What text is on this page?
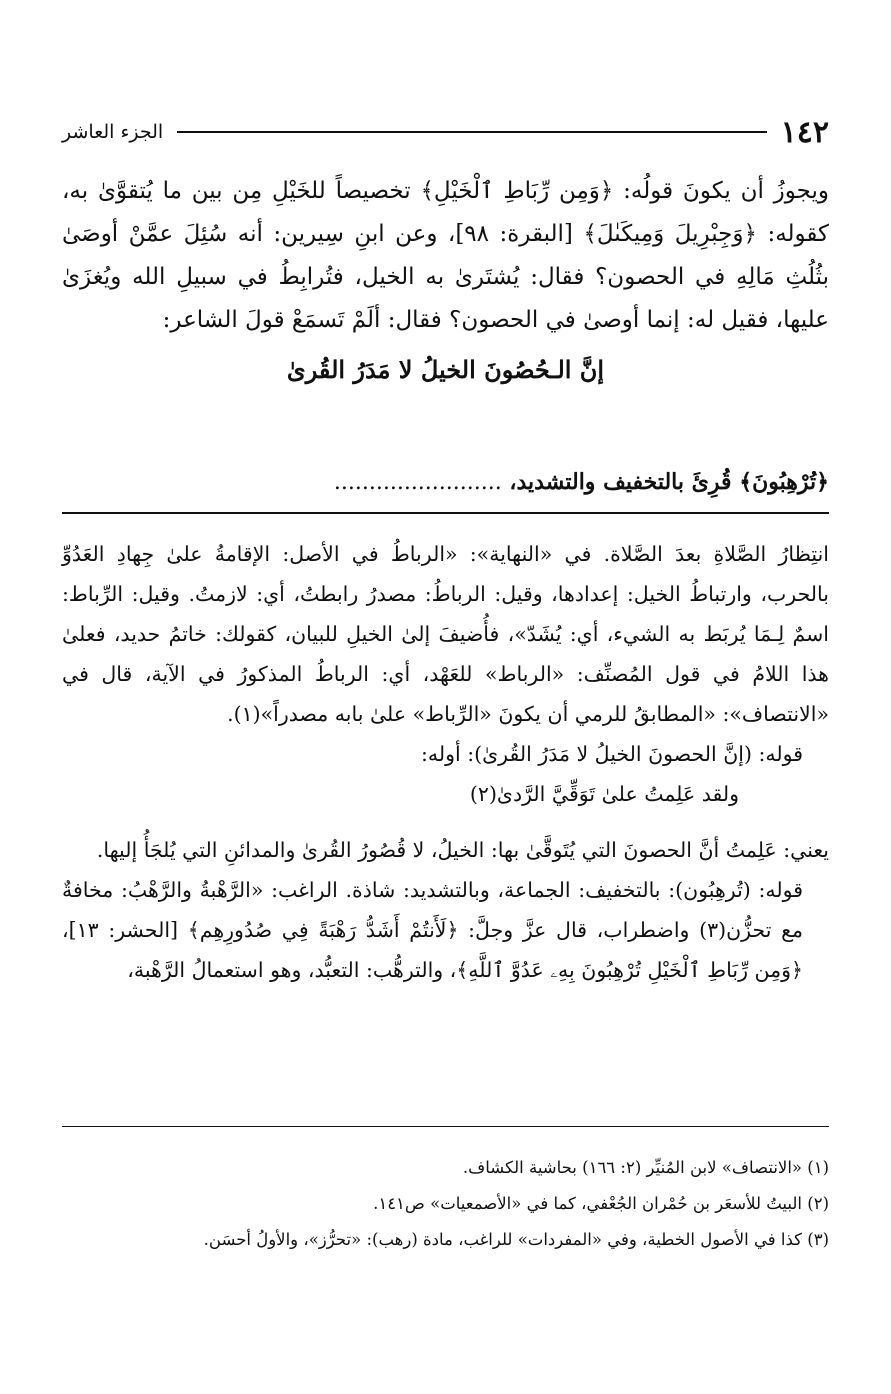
١٤٢
الجزء العاشر

ويجوزُ أن يكونَ قولُه: ﴿وَمِن رِّبَاطِ ٱلْخَيْلِ﴾ تخصيصاً للخَيْلِ مِن بين ما يُتقوَّىٰ به، كقوله: ﴿وَجِبْرِيلَ وَمِيكَىٰلَ﴾ [البقرة: ٩٨]، وعن ابنِ سِيرين: أنه سُئِلَ عمَّنْ أوصَىٰ بثُلُثِ مَالِهِ في الحصون؟ فقال: يُشتَرىٰ به الخيل، فتُرابِطُ في سبيلِ الله ويُغزَىٰ عليها، فقيل له: إنما أوصىٰ في الحصون؟ فقال: ألَمْ تَسمَعْ قولَ الشاعر:

إنَّ الـحُصُونَ الخيلُ لا مَدَرُ القُرىٰ

﴿تُرْهِبُونَ﴾ قُرِئَ بالتخفيف والتشديد، ........................

انتِظارُ الصَّلاةِ بعدَ الصَّلاة. في «النهاية»: «الرباطُ في الأصل: الإقامةُ علىٰ جِهادِ العَدُوِّ بالحرب، وارتباطُ الخيل: إعدادها، وقيل: الرباطُ: مصدرُ رابطتُ، أي: لازمتُ. وقيل: الرِّباط: اسمٌ لِـمَا يُربَط به الشيء، أي: يُشَدّ»، فأُضيفَ إلىٰ الخيلِ للبيان، كقولك: خاتمُ حديد، فعلىٰ هذا اللامُ في قول المُصنِّف: «الرباط» للعَهْد، أي: الرباطُ المذكورُ في الآية، قال في «الانتصاف»: «المطابقُ للرمي أن يكونَ «الرِّباط» علىٰ بابه مصدراً»(١).

قوله: (إنَّ الحصونَ الخيلُ لا مَدَرُ القُرىٰ): أوله:

ولقد عَلِمتُ علىٰ تَوَقِّيَّ الرَّدىٰ(٢)

يعني: عَلِمتُ أنَّ الحصونَ التي يُتَوقَّىٰ بها: الخيلُ، لا قُصُورُ القُرىٰ والمدائنِ التي يُلجَأُ إليها.

قوله: (تُرهِبُون): بالتخفيف: الجماعة، وبالتشديد: شاذة. الراغب: «الرَّهْبةُ والرَّهْبُ: مخافةٌ مع تحزُّن(٣) واضطراب، قال عزَّ وجلَّ: ﴿لَأَنتُمْ أَشَدُّ رَهْبَةً فِي صُدُورِهِم﴾ [الحشر: ١٣]، ﴿وَمِن رِّبَاطِ ٱلْخَيْلِ تُرْهِبُونَ بِهِۦ عَدُوَّ ٱللَّهِ﴾، والترهُّب: التعبُّد، وهو استعمالُ الرَّهْبة،

(١) «الانتصاف» لابن المُنيِّر (٢: ١٦٦) بحاشية الكشاف.

(٢) البيتُ للأسعَر بن حُمْران الجُعْفي، كما في «الأصمعيات» ص١٤١.

(٣) كذا في الأصول الخطية، وفي «المفردات» للراغب، مادة (رهب): «تحرُّز»، والأولُ أحسَن.
